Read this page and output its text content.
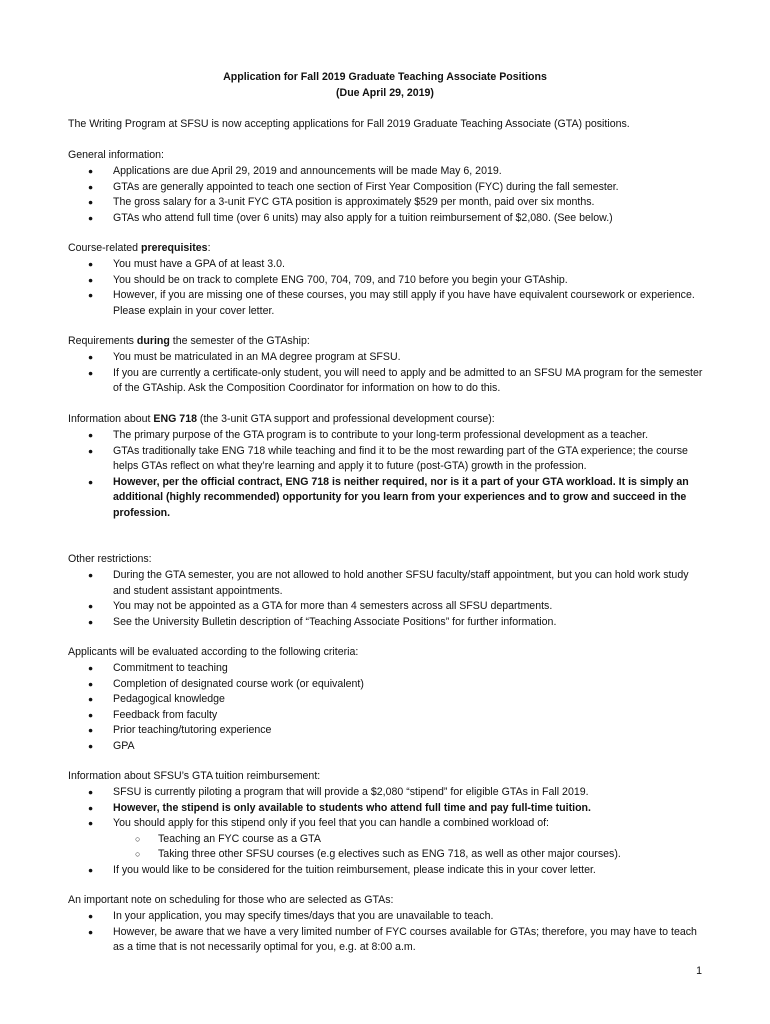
Application for Fall 2019 Graduate Teaching Associate Positions
(Due April 29, 2019)
The Writing Program at SFSU is now accepting applications for Fall 2019 Graduate Teaching Associate (GTA) positions.
General information:
● Applications are due April 29, 2019 and announcements will be made May 6, 2019.
● GTAs are generally appointed to teach one section of First Year Composition (FYC) during the fall semester.
● The gross salary for a 3-unit FYC GTA position is approximately $529 per month, paid over six months.
● GTAs who attend full time (over 6 units) may also apply for a tuition reimbursement of $2,080. (See below.)
Course-related prerequisites:
● You must have a GPA of at least 3.0.
● You should be on track to complete ENG 700, 704, 709, and 710 before you begin your GTAship.
● However, if you are missing one of these courses, you may still apply if you have have equivalent coursework or experience. Please explain in your cover letter.
Requirements during the semester of the GTAship:
● You must be matriculated in an MA degree program at SFSU.
● If you are currently a certificate-only student, you will need to apply and be admitted to an SFSU MA program for the semester of the GTAship. Ask the Composition Coordinator for information on how to do this.
Information about ENG 718 (the 3-unit GTA support and professional development course):
● The primary purpose of the GTA program is to contribute to your long-term professional development as a teacher.
● GTAs traditionally take ENG 718 while teaching and find it to be the most rewarding part of the GTA experience; the course helps GTAs reflect on what they’re learning and apply it to future (post-GTA) growth in the profession.
● However, per the official contract, ENG 718 is neither required, nor is it a part of your GTA workload. It is simply an additional (highly recommended) opportunity for you learn from your experiences and to grow and succeed in the profession.
Other restrictions:
● During the GTA semester, you are not allowed to hold another SFSU faculty/staff appointment, but you can hold work study and student assistant appointments.
● You may not be appointed as a GTA for more than 4 semesters across all SFSU departments.
● See the University Bulletin description of “Teaching Associate Positions” for further information.
Applicants will be evaluated according to the following criteria:
● Commitment to teaching
● Completion of designated course work (or equivalent)
● Pedagogical knowledge
● Feedback from faculty
● Prior teaching/tutoring experience
● GPA
Information about SFSU’s GTA tuition reimbursement:
● SFSU is currently piloting a program that will provide a $2,080 “stipend” for eligible GTAs in Fall 2019.
● However, the stipend is only available to students who attend full time and pay full-time tuition.
● You should apply for this stipend only if you feel that you can handle a combined workload of:
○ Teaching an FYC course as a GTA
○ Taking three other SFSU courses (e.g electives such as ENG 718, as well as other major courses).
● If you would like to be considered for the tuition reimbursement, please indicate this in your cover letter.
An important note on scheduling for those who are selected as GTAs:
● In your application, you may specify times/days that you are unavailable to teach.
● However, be aware that we have a very limited number of FYC courses available for GTAs; therefore, you may have to teach as a time that is not necessarily optimal for you, e.g. at 8:00 a.m.
1
